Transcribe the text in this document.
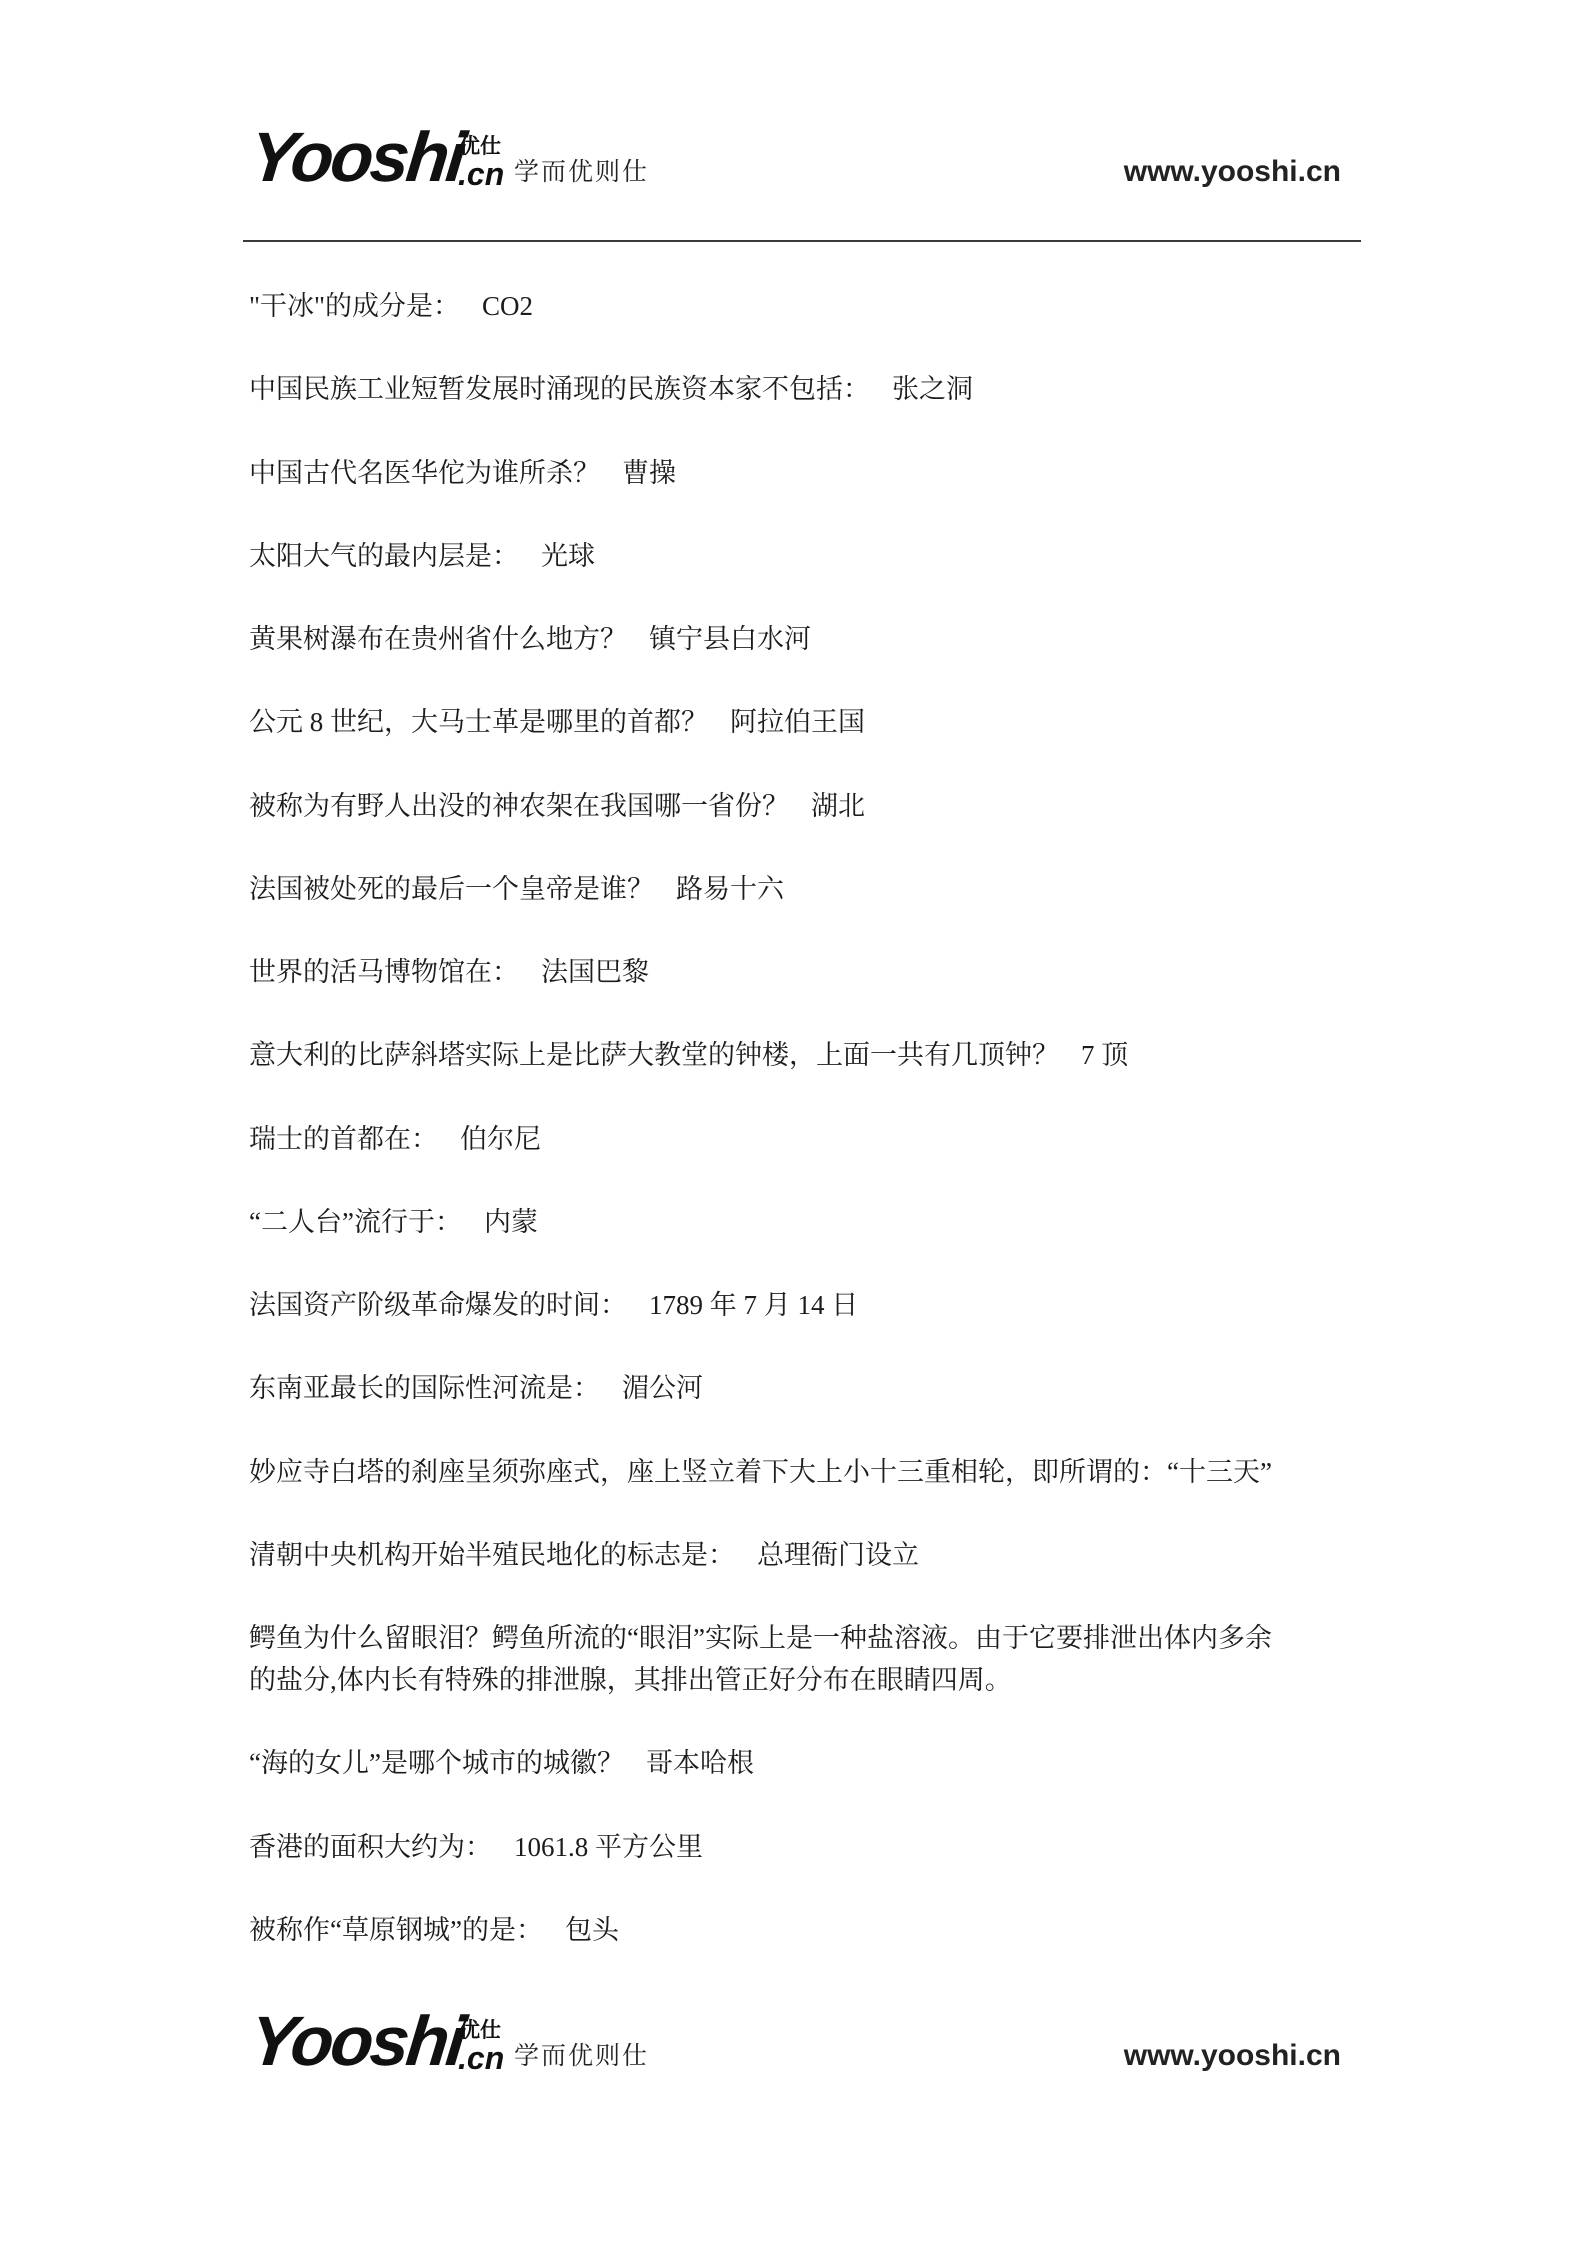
Yooshi
优仕
.cn 学而优则仕	www.yooshi.cn

"干冰"的成分是： CO2

中国民族工业短暂发展时涌现的民族资本家不包括： 张之洞

中国古代名医华佗为谁所杀？ 曹操

太阳大气的最内层是： 光球

黄果树瀑布在贵州省什么地方？ 镇宁县白水河

公元 8 世纪，大马士革是哪里的首都？ 阿拉伯王国

被称为有野人出没的神农架在我国哪一省份？ 湖北

法国被处死的最后一个皇帝是谁？ 路易十六

世界的活马博物馆在： 法国巴黎

意大利的比萨斜塔实际上是比萨大教堂的钟楼，上面一共有几顶钟？ 7 顶

瑞士的首都在： 伯尔尼

“二人台”流行于： 内蒙

法国资产阶级革命爆发的时间： 1789 年 7 月 14 日

东南亚最长的国际性河流是： 湄公河

妙应寺白塔的刹座呈须弥座式，座上竖立着下大上小十三重相轮，即所谓的：“十三天”

清朝中央机构开始半殖民地化的标志是： 总理衙门设立

鳄鱼为什么留眼泪？鳄鱼所流的“眼泪”实际上是一种盐溶液。由于它要排泄出体内多余
的盐分,体内长有特殊的排泄腺，其排出管正好分布在眼睛四周。

“海的女儿”是哪个城市的城徽？ 哥本哈根

香港的面积大约为： 1061.8 平方公里

被称作“草原钢城”的是： 包头

Yooshi
优仕
.cn 学而优则仕	www.yooshi.cn
